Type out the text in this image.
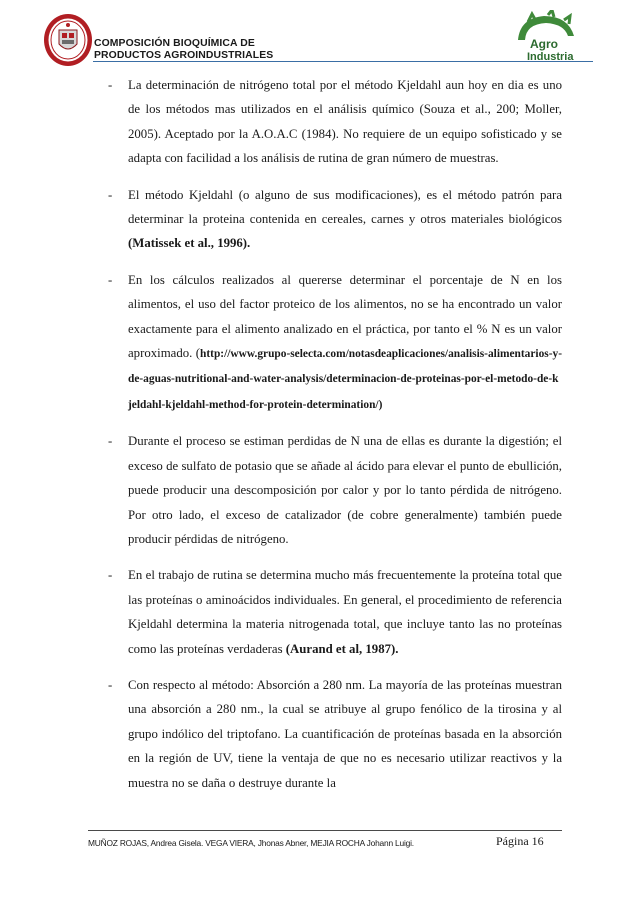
COMPOSICIÓN BIOQUÍMICA DE
PRODUCTOS AGROINDUSTRIALES
Agro
Industria
- La determinación de nitrógeno total por el método Kjeldahl aun hoy en dia es uno de los métodos mas utilizados en el análisis químico (Souza et al., 200; Moller, 2005). Aceptado por la A.O.A.C (1984). No requiere de un equipo sofisticado y se adapta con facilidad a los análisis de rutina de gran número de muestras.
- El método Kjeldahl (o alguno de sus modificaciones), es el método patrón para determinar la proteina contenida en cereales, carnes y otros materiales biológicos (Matissek et al., 1996).
- En los cálculos realizados al quererse determinar el porcentaje de N en los alimentos, el uso del factor proteico de los alimentos, no se ha encontrado un valor exactamente para el alimento analizado en el práctica, por tanto el % N es un valor aproximado. (http://www.grupo-selecta.com/notasdeaplicaciones/analisis-alimentarios-y-de-aguas-nutritional-and-water-analysis/determinacion-de-proteinas-por-el-metodo-de-kjeldahl-kjeldahl-method-for-protein-determination/)
- Durante el proceso se estiman perdidas de N una de ellas es durante la digestión; el exceso de sulfato de potasio que se añade al ácido para elevar el punto de ebullición, puede producir una descomposición por calor y por lo tanto pérdida de nitrógeno. Por otro lado, el exceso de catalizador (de cobre generalmente) también puede producir pérdidas de nitrógeno.
- En el trabajo de rutina se determina mucho más frecuentemente la proteína total que las proteínas o aminoácidos individuales. En general, el procedimiento de referencia Kjeldahl determina la materia nitrogenada total, que incluye tanto las no proteínas como las proteínas verdaderas (Aurand et al, 1987).
- Con respecto al método: Absorción a 280 nm. La mayoría de las proteínas muestran una absorción a 280 nm., la cual se atribuye al grupo fenólico de la tirosina y al grupo indólico del triptofano. La cuantificación de proteínas basada en la absorción en la región de UV, tiene la ventaja de que no es necesario utilizar reactivos y la muestra no se daña o destruye durante la
MUÑOZ ROJAS, Andrea Gisela. VEGA VIERA, Jhonas Abner, MEJIA ROCHA Johann Luigi.	Página 16
